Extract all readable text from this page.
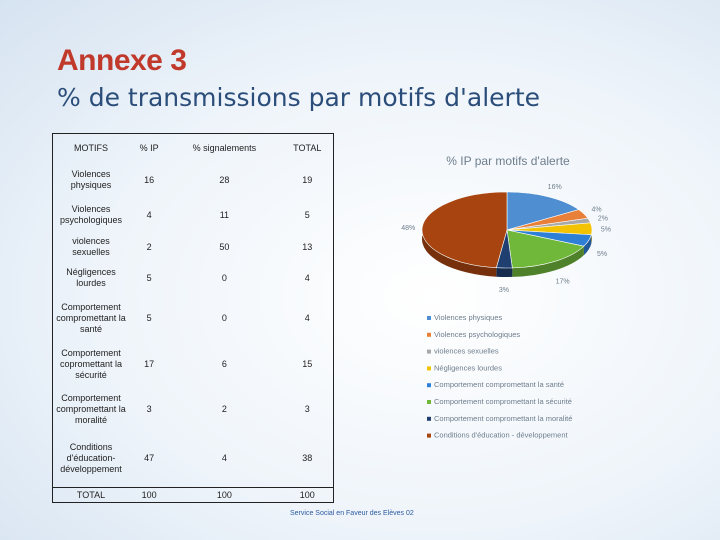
Annexe 3
% de transmissions par motifs d'alerte
MOTIFS	% IP	% signalements	TOTAL
Violences physiques	16	28	19
Violences psychologiques	4	11	5
violences sexuelles	2	50	13
Négligences lourdes	5	0	4
Comportement compromettant la santé	5	0	4
Comportement copromettant la sécurité	17	6	15
Comportement compromettant la moralité	3	2	3
Conditions d'éducation-développement	47	4	38
TOTAL	100	100	100
% IP par motifs d'alerte
16%
4%
2%
5%
5%
17%
3%
48%
Violences physiques
Violences psychologiques
violences sexuelles
Négligences lourdes
Comportement compromettant la santé
Comportement compromettant la sécurité
Comportement compromettant la moralité
Conditions d'éducation - développement
Service Social en Faveur des Elèves 02
